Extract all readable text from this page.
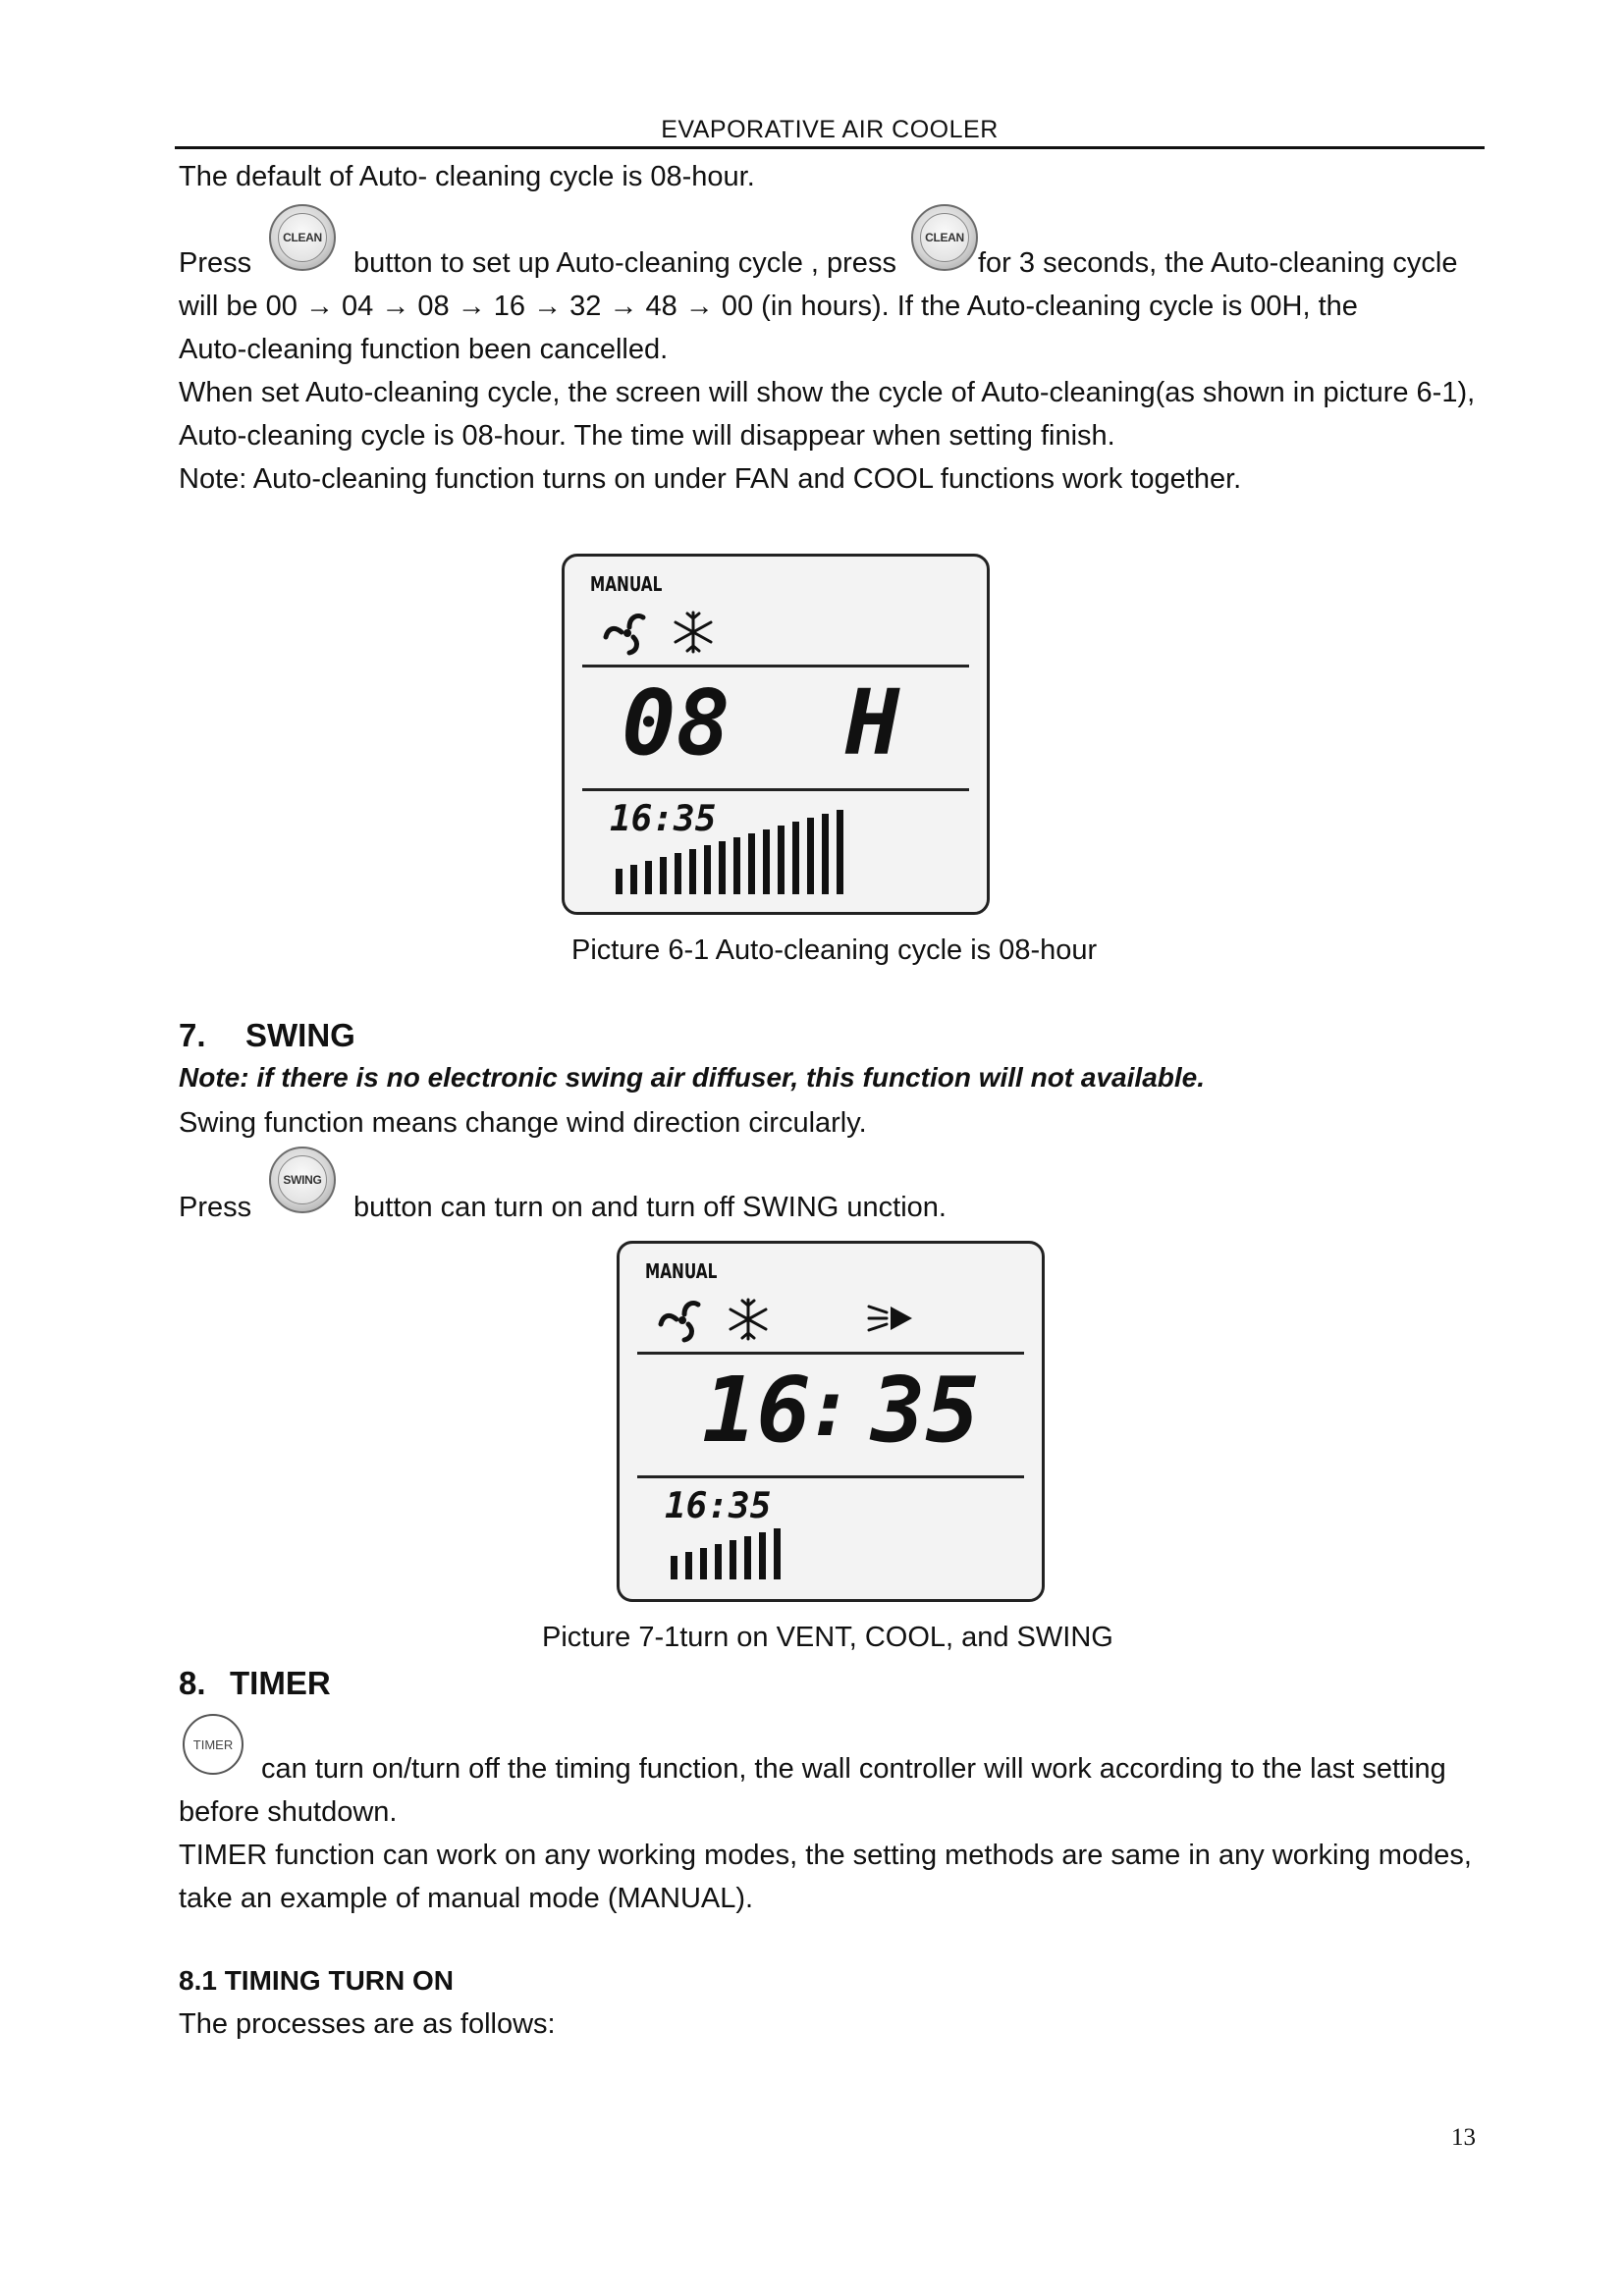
EVAPORATIVE AIR COOLER
The default of Auto- cleaning cycle is 08-hour.
Press
CLEAN
button to set up Auto-cleaning cycle , press
CLEAN
for 3 seconds, the Auto-cleaning cycle
will be 00 → 04 → 08 → 16 → 32 → 48 → 00 (in hours). If the Auto-cleaning cycle is 00H, the
Auto-cleaning function been cancelled.
When set Auto-cleaning cycle, the screen will show the cycle of Auto-cleaning(as shown in picture 6-1),
Auto-cleaning cycle is 08-hour. The time will disappear when setting finish.
Note: Auto-cleaning function turns on under FAN and COOL functions work together.
MANUAL
08 H
16:35
Picture 6-1 Auto-cleaning cycle is 08-hour
7. SWING
Note: if there is no electronic swing air diffuser, this function will not available.
Swing function means change wind direction circularly.
Press
SWING
button can turn on and turn off SWING unction.
MANUAL
16
: 35
16:35
Picture 7-1turn on VENT, COOL, and SWING
8. TIMER
TIMER
can turn on/turn off the timing function, the wall controller will work according to the last setting
before shutdown.
TIMER function can work on any working modes, the setting methods are same in any working modes,
take an example of manual mode (MANUAL).
8.1 TIMING TURN ON
The processes are as follows:
13
